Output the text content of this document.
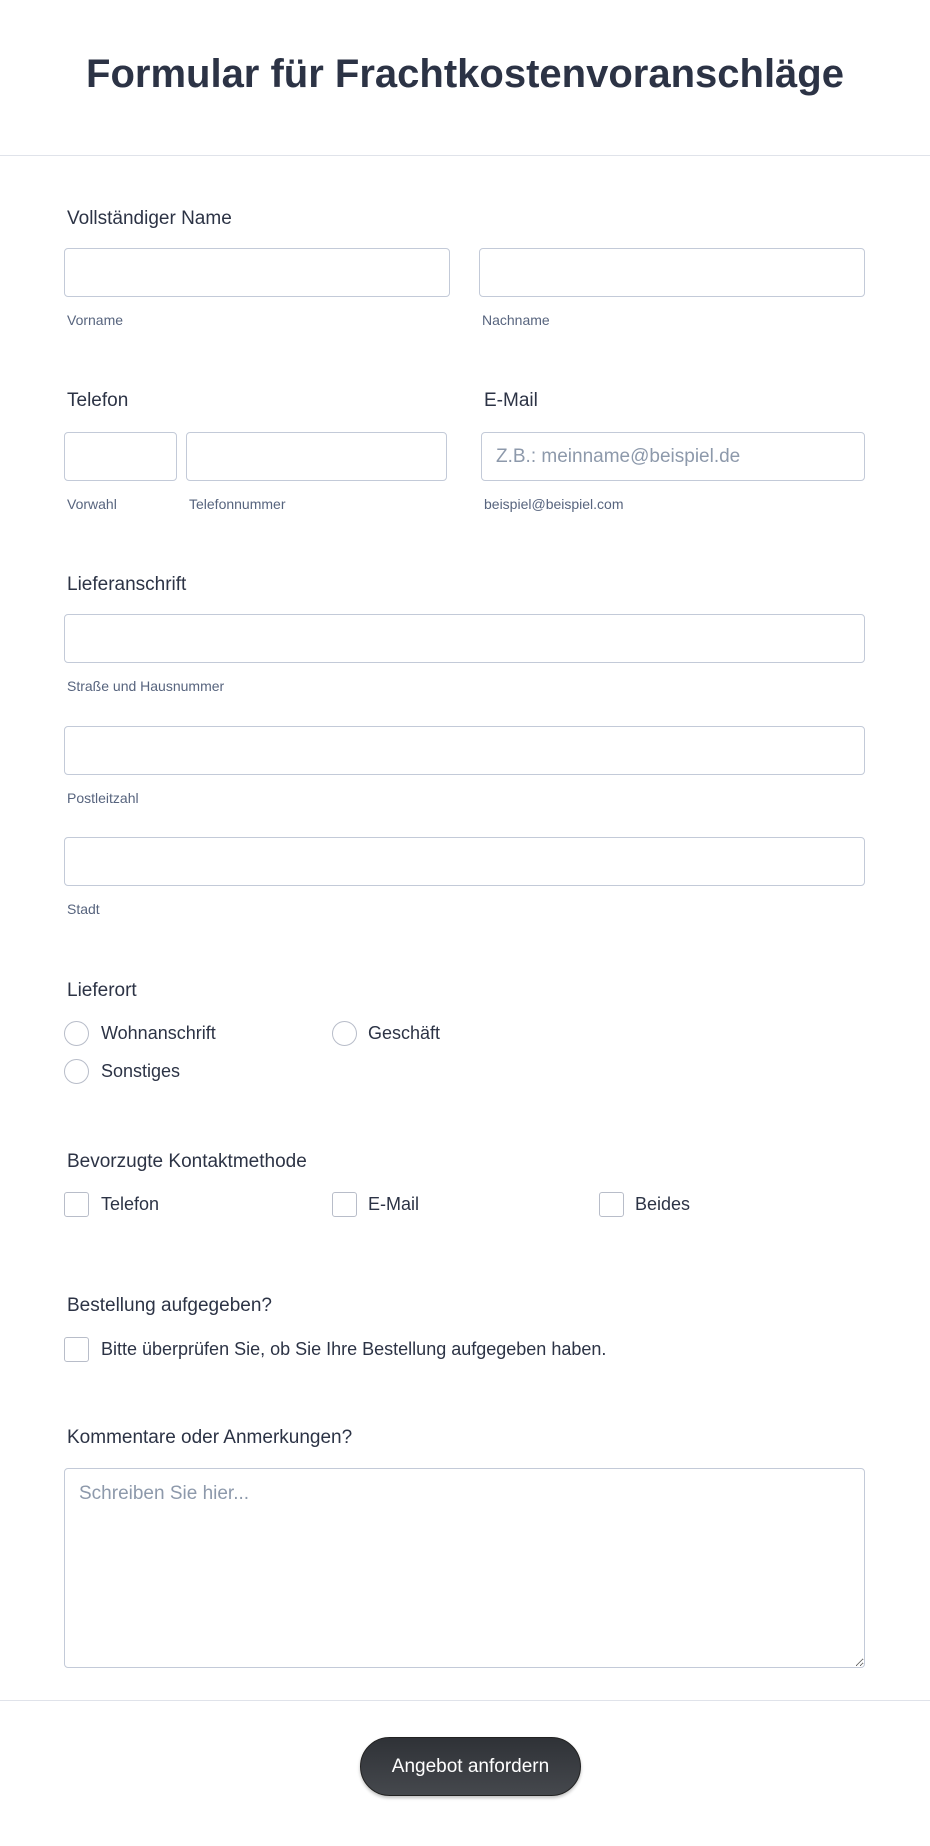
Formular für Frachtkostenvoranschläge
Vollständiger Name
Vorname	Nachname
Telefon
Vorwahl	Telefonnummer
E-Mail
Z.B.: meinname@beispiel.de
beispiel@beispiel.com
Lieferanschrift
Straße und Hausnummer
Postleitzahl
Stadt
Lieferort
Wohnanschrift	Geschäft
Sonstiges
Bevorzugte Kontaktmethode
Telefon	E-Mail	Beides
Bestellung aufgegeben?
Bitte überprüfen Sie, ob Sie Ihre Bestellung aufgegeben haben.
Kommentare oder Anmerkungen?
Schreiben Sie hier...
Angebot anfordern
